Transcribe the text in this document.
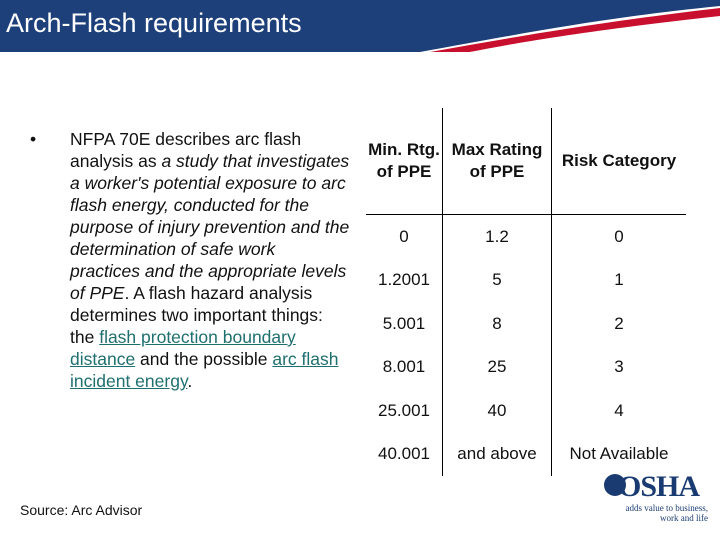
Arch-Flash requirements
• NFPA 70E describes arc flash analysis as a study that investigates a worker's potential exposure to arc flash energy, conducted for the purpose of injury prevention and the determination of safe work practices and the appropriate levels of PPE. A flash hazard analysis determines two important things: the flash protection boundary distance and the possible arc flash incident energy.
Source: Arc Advisor
Min. Rtg. of PPE	Max Rating of PPE	Risk Category
0	1.2	0
1.2001	5	1
5.001	8	2
8.001	25	3
25.001	40	4
40.001	and above	Not Available
OSHA
adds value to business, work and life
